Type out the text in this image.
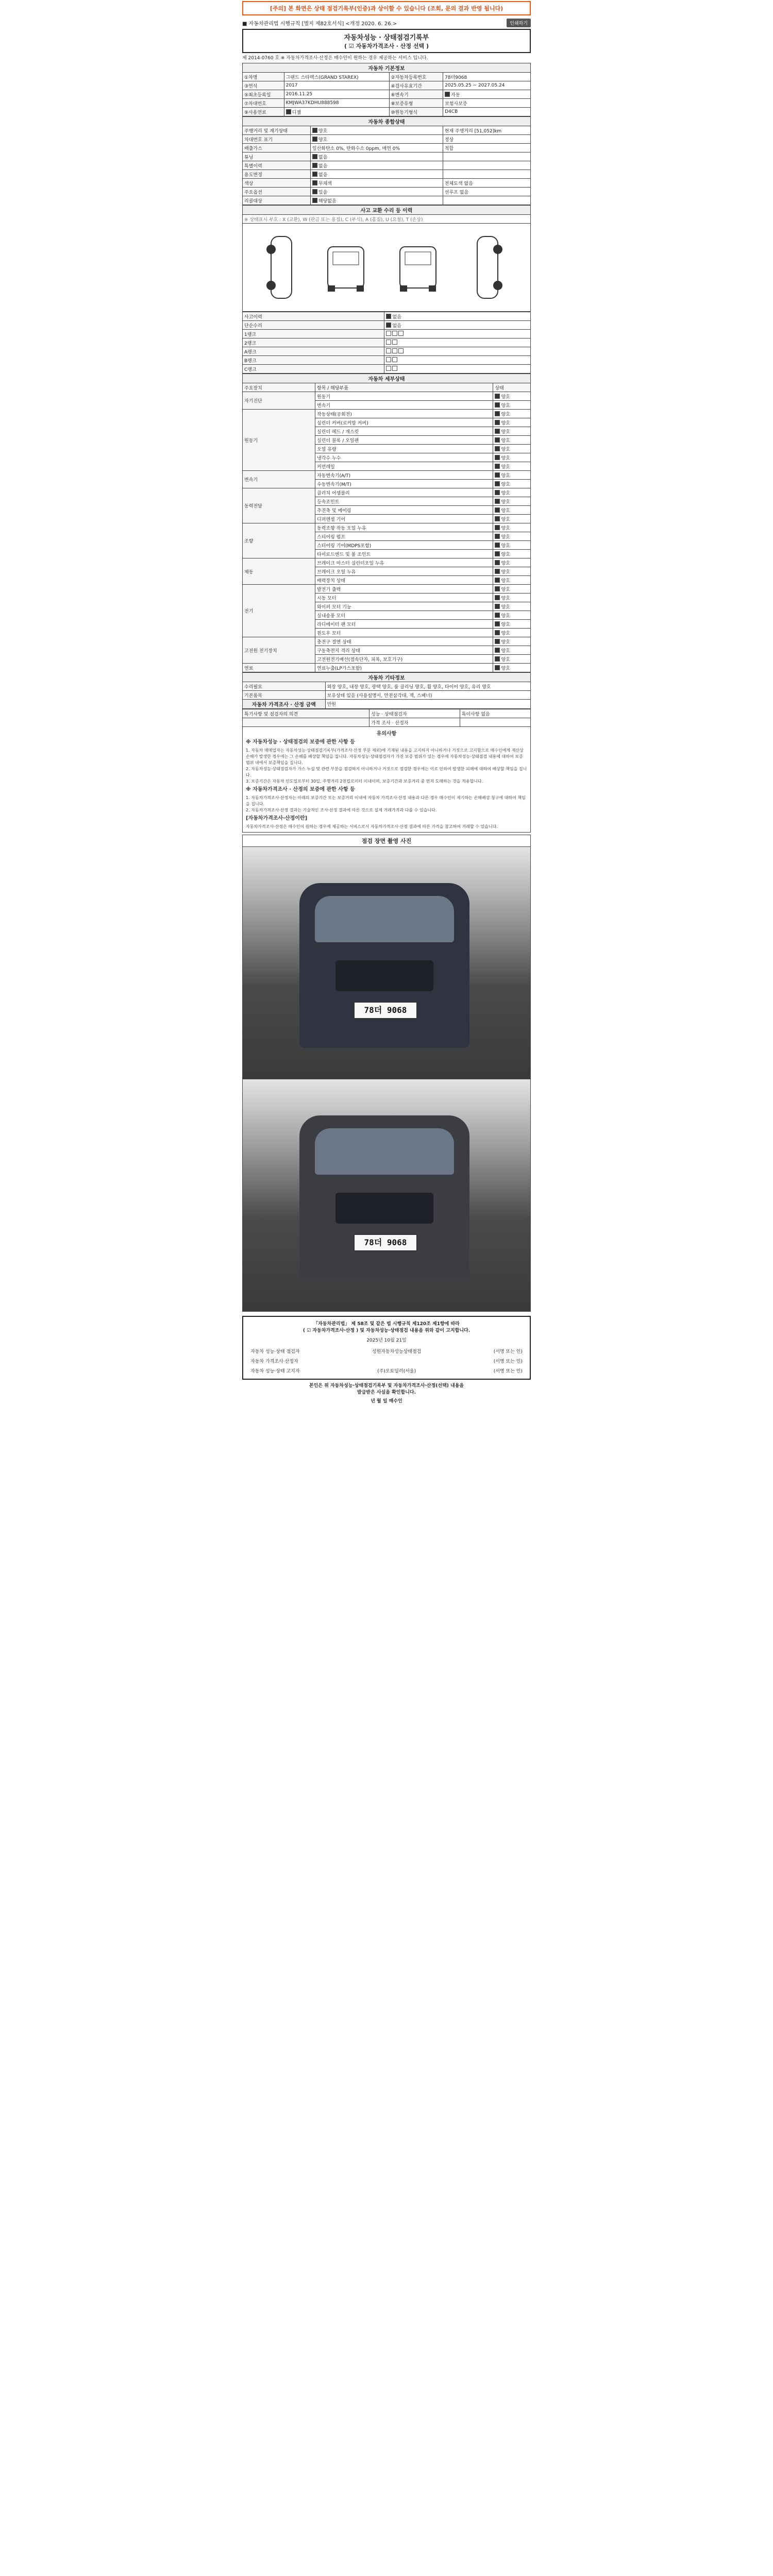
[주의] 본 화면은 상태 점검기록부(인증)과 상이할 수 있습니다 (조회, 문의 결과 반영 됩니다)
■ 자동차관리법 시행규칙 [별지 제82호서식] <개정 2020. 6. 26.>	인쇄하기
자동차성능 · 상태점검기록부
( ☑ 자동차가격조사 · 산정 선택 )
제 2014-0760 호 ※ 자동차가격조사·산정은 매수인이 원하는 경우 제공하는 서비스 입니다.
자동차 기본정보			
①차명	그랜드 스타렉스(GRAND STAREX)	②자동차등록번호	78더9068
③연식	2017	④검사유효기간	2025.05.25 ~ 2027.05.24
⑤최초등록일	2016.11.25	⑥변속기	자동
⑦차대번호	KMJWA37KDHU888598	⑧보증유형	보험사보증
⑨사용연료	디젤	⑩원동기형식	D4CB
자동차 종합상태		
주행거리 및 계기상태	양호	현재 주행거리 [51,052]km
차대번호 표기	양호	정상
배출가스	일산화탄소 0%, 탄화수소 0ppm, 매연 0%	적합
튜닝	없음	
특별이력	없음	
용도변경	없음	
색상	무채색	전체도색 없음
주요옵션	있음	선루프 없음
리콜대상	해당없음	
사고 교환 수리 등 이력
※ 상태표시 부호 : X (교환), W (판금 또는 용접), C (부식), A (흠집), U (요철), T (손상)
사고이력	없음
단순수리	없음
1랭크	
2랭크	
A랭크	
B랭크	
C랭크	
자동차 세부상태		
주요장치	항목 / 해당부품	상태
자기진단	원동기	양호
	변속기	양호
원동기	작동상태(공회전)	양호
	실린더 커버(로커암 커버)	양호
	실린더 헤드 / 개스킷	양호
	실린더 블록 / 오일팬	양호
	오일 유량	양호
	냉각수 누수	양호
	커먼레일	양호
변속기	자동변속기(A/T)	양호
	수동변속기(M/T)	양호
동력전달	클러치 어셈블리	양호
	등속조인트	양호
	추진축 및 베어링	양호
	디퍼렌셜 기어	양호
조향	동력조향 작동 오일 누유	양호
	스티어링 펌프	양호
	스티어링 기어(MDPS포함)	양호
	타이로드엔드 및 볼 조인트	양호
제동	브레이크 마스터 실린더오일 누유	양호
	브레이크 오일 누유	양호
	배력장치 상태	양호
전기	발전기 출력	양호
	시동 모터	양호
	와이퍼 모터 기능	양호
	실내송풍 모터	양호
	라디에이터 팬 모터	양호
	윈도우 모터	양호
고전원 전기장치	충전구 절연 상태	양호
	구동축전지 격리 상태	양호
	고전원전기배선(접속단자, 피복, 보호기구)	양호
연료	연료누출(LP가스포함)	양호
자동차 기타정보	
수리필요	외장 양호, 내장 양호, 광택 양호, 룸 클리닝 양호, 휠 양호, 타이어 양호, 유리 양호
기본품목	보유상태 있음 (사용설명서, 안전삼각대, 잭, 스패너)
자동차 가격조사 · 산정 금액	만원
특기사항 및 점검자의 의견	성능 · 상태점검자	특이사항 없음
	가격 조사 · 산정자	
유의사항
※ 자동차성능 · 상태점검의 보증에 관한 사항 등
1. 자동차 매매업자는 자동차성능·상태점검기록부(가격조사·산정 부분 제외)에 기재된 내용을 고지하지 아니하거나 거짓으로 고지함으로 매수인에게 재산상 손해가 발생한 경우에는 그 손해를 배상할 책임을 집니다. 자동차성능·상태점검자가 가진 보증 범위가 있는 경우에 자동차성능·상태점검 내용에 대하여 보증 범위 내에서 보증책임을 집니다.
2. 자동차성능·상태점검자가 가스 누설 및 관련 부분을 점검하지 아니하거나 거짓으로 점검한 경우에는 이로 인하여 발생한 피해에 대하여 배상할 책임을 집니다.
3. 보증기간은 자동차 인도일로부터 30일, 주행거리 2천킬로미터 이내이며, 보증기간과 보증거리 중 먼저 도래하는 것을 적용합니다.
※ 자동차가격조사 · 산정의 보증에 관한 사항 등
1. 자동차가격조사·산정자는 아래의 보증기간 또는 보증거리 이내에 자동차 가격조사·산정 내용과 다른 경우 매수인이 제기하는 손해배상 청구에 대하여 책임을 집니다.
2. 자동차가격조사·산정 결과는 기술적인 조사·산정 결과에 따른 것으로 실제 거래가격과 다를 수 있습니다.
[자동차가격조사·산정이란]
자동차가격조사·산정은 매수인이 원하는 경우에 제공하는 서비스로서 자동차가격조사·산정 결과에 따른 가격을 참고하여 거래할 수 있습니다.
점검 장면 촬영 사진
78더 9068
78더 9068
「자동차관리법」 제 58조 및 같은 법 시행규칙 제120조 제1항에 따라
( ☑ 자동차가격조사·산정 ) 및 자동차성능·상태점검 내용을 위와 같이 고지합니다.
2025년 10월 21일
자동차 성능·상태 점검자	성원자동차성능상태점검	(서명 또는 인)
자동차 가격조사·산정자	(서명 또는 인)
자동차 성능·상태 고지자	(주)오토딜러(서울)	(서명 또는 인)
본인은 위 자동차성능·상태점검기록부 및 자동차가격조사·산정(선택) 내용을
발급받은 사실을 확인합니다.
년 월 일 매수인
